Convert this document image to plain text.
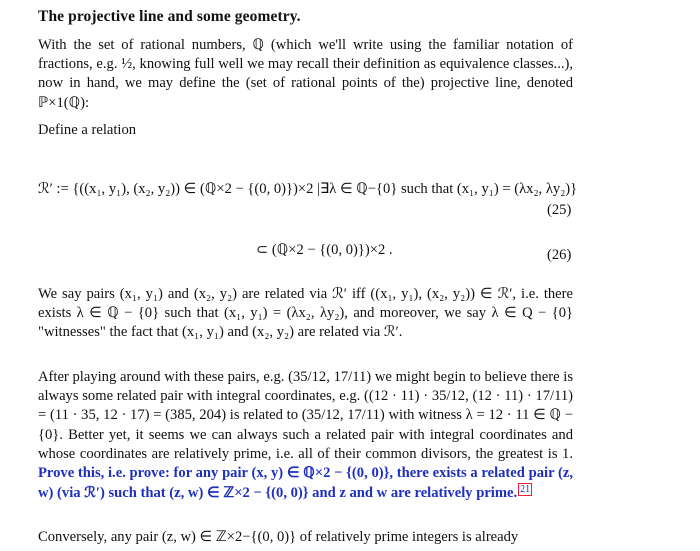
The projective line and some geometry.
With the set of rational numbers, ℚ (which we'll write using the familiar notation of fractions, e.g. ½, knowing full well we may recall their definition as equivalence classes...), now in hand, we may define the (set of rational points of the) projective line, denoted ℙ×1(ℚ):
Define a relation
ℛ′ := {((x₁, y₁), (x₂, y₂)) ∈ (ℚ×2 − {(0, 0)})×2 |∃λ ∈ ℚ−{0} such that (x₁, y₁) = (λx₂, λy₂)}
(25)
⊂ (ℚ×2 − {(0, 0)})×2 .	(26)
We say pairs (x₁, y₁) and (x₂, y₂) are related via ℛ′ iff ((x₁, y₁), (x₂, y₂)) ∈ ℛ′, i.e. there exists λ ∈ ℚ − {0} such that (x₁, y₁) = (λx₂, λy₂), and moreover, we say λ ∈ Q − {0} "witnesses" the fact that (x₁, y₁) and (x₂, y₂) are related via ℛ′.
After playing around with these pairs, e.g. (35/12, 17/11) we might begin to believe there is always some related pair with integral coordinates, e.g. ((12 · 11) · 35/12, (12 · 11) · 17/11) = (11 · 35, 12 · 17) = (385, 204) is related to (35/12, 17/11) with witness λ = 12 · 11 ∈ ℚ − {0}. Better yet, it seems we can always such a related pair with integral coordinates and whose coordinates are relatively prime, i.e. all of their common divisors, the greatest is 1. Prove this, i.e. prove: for any pair (x, y) ∈ ℚ×2 − {(0, 0)}, there exists a related pair (z, w) (via ℛ′) such that (z, w) ∈ ℤ×2 − {(0, 0)} and z and w are relatively prime. 21
Conversely, any pair (z, w) ∈ ℤ×2−{(0, 0)} of relatively prime integers is already
